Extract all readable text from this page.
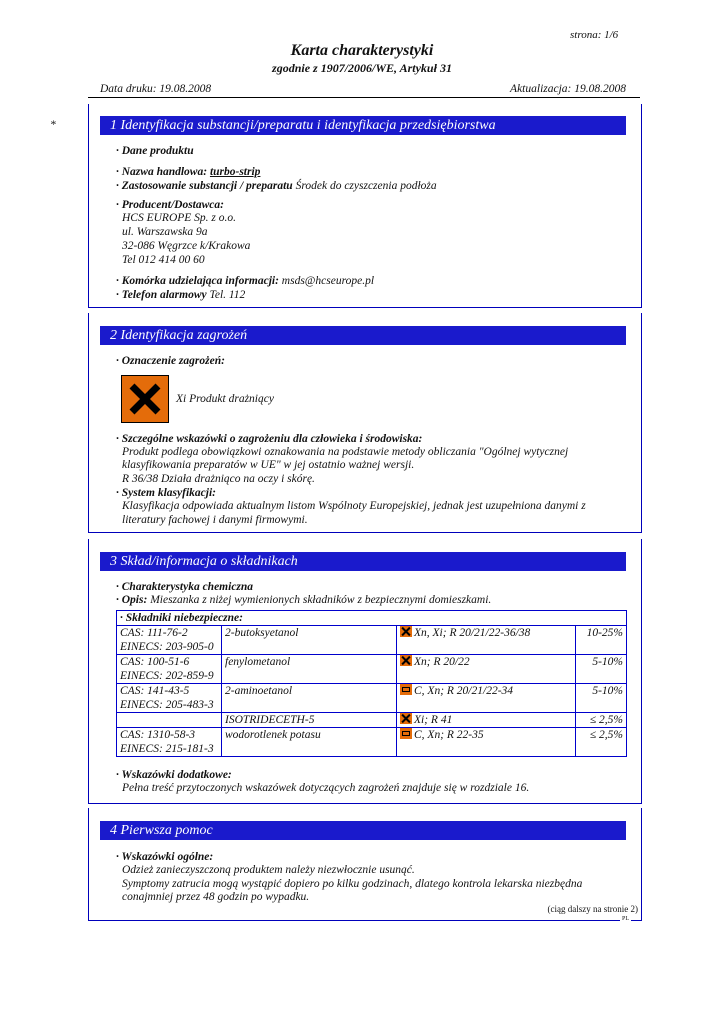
strona: 1/6
Karta charakterystyki
zgodnie z 1907/2006/WE, Artykuł 31
Data druku: 19.08.2008	Aktualizacja: 19.08.2008
*	1 Identyfikacja substancji/preparatu i identyfikacja przedsiębiorstwa
· Dane produktu
· Nazwa handlowa: turbo-strip
· Zastosowanie substancji / preparatu Środek do czyszczenia podłoża
· Producent/Dostawca:
HCS EUROPE Sp. z o.o.
ul. Warszawska 9a
32-086 Węgrzce k/Krakowa
Tel 012 414 00 60
· Komórka udzielająca informacji: msds@hcseurope.pl
· Telefon alarmowy Tel. 112
2 Identyfikacja zagrożeń
· Oznaczenie zagrożeń:
Xi Produkt drażniący
· Szczególne wskazówki o zagrożeniu dla człowieka i środowiska:
Produkt podlega obowiązkowi oznakowania na podstawie metody obliczania "Ogólnej wytycznej
klasyfikowania preparatów w UE" w jej ostatnio ważnej wersji.
R 36/38 Działa drażniąco na oczy i skórę.
· System klasyfikacji:
Klasyfikacja odpowiada aktualnym listom Wspólnoty Europejskiej, jednak jest uzupełniona danymi z
literatury fachowej i danymi firmowymi.
3 Skład/informacja o składnikach
· Charakterystyka chemiczna
· Opis: Mieszanka z niżej wymienionych składników z bezpiecznymi domieszkami.
· Składniki niebezpieczne:			
CAS: 111-76-2
EINECS: 203-905-0	2-butoksyetanol	Xn, Xi; R 20/21/22-36/38	10-25%
CAS: 100-51-6
EINECS: 202-859-9	fenylometanol	Xn; R 20/22	5-10%
CAS: 141-43-5
EINECS: 205-483-3	2-aminoetanol	C, Xn; R 20/21/22-34	5-10%
	ISOTRIDECETH-5	Xi; R 41	≤ 2,5%
CAS: 1310-58-3
EINECS: 215-181-3	wodorotlenek potasu	C, Xn; R 22-35	≤ 2,5%
· Wskazówki dodatkowe:
Pełna treść przytoczonych wskazówek dotyczących zagrożeń znajduje się w rozdziale 16.
4 Pierwsza pomoc
· Wskazówki ogólne:
Odzież zanieczyszczoną produktem należy niezwłocznie usunąć.
Symptomy zatrucia mogą wystąpić dopiero po kilku godzinach, dlatego kontrola lekarska niezbędna
conajmniej przez 48 godzin po wypadku.
(ciąg dalszy na stronie 2)
PL
